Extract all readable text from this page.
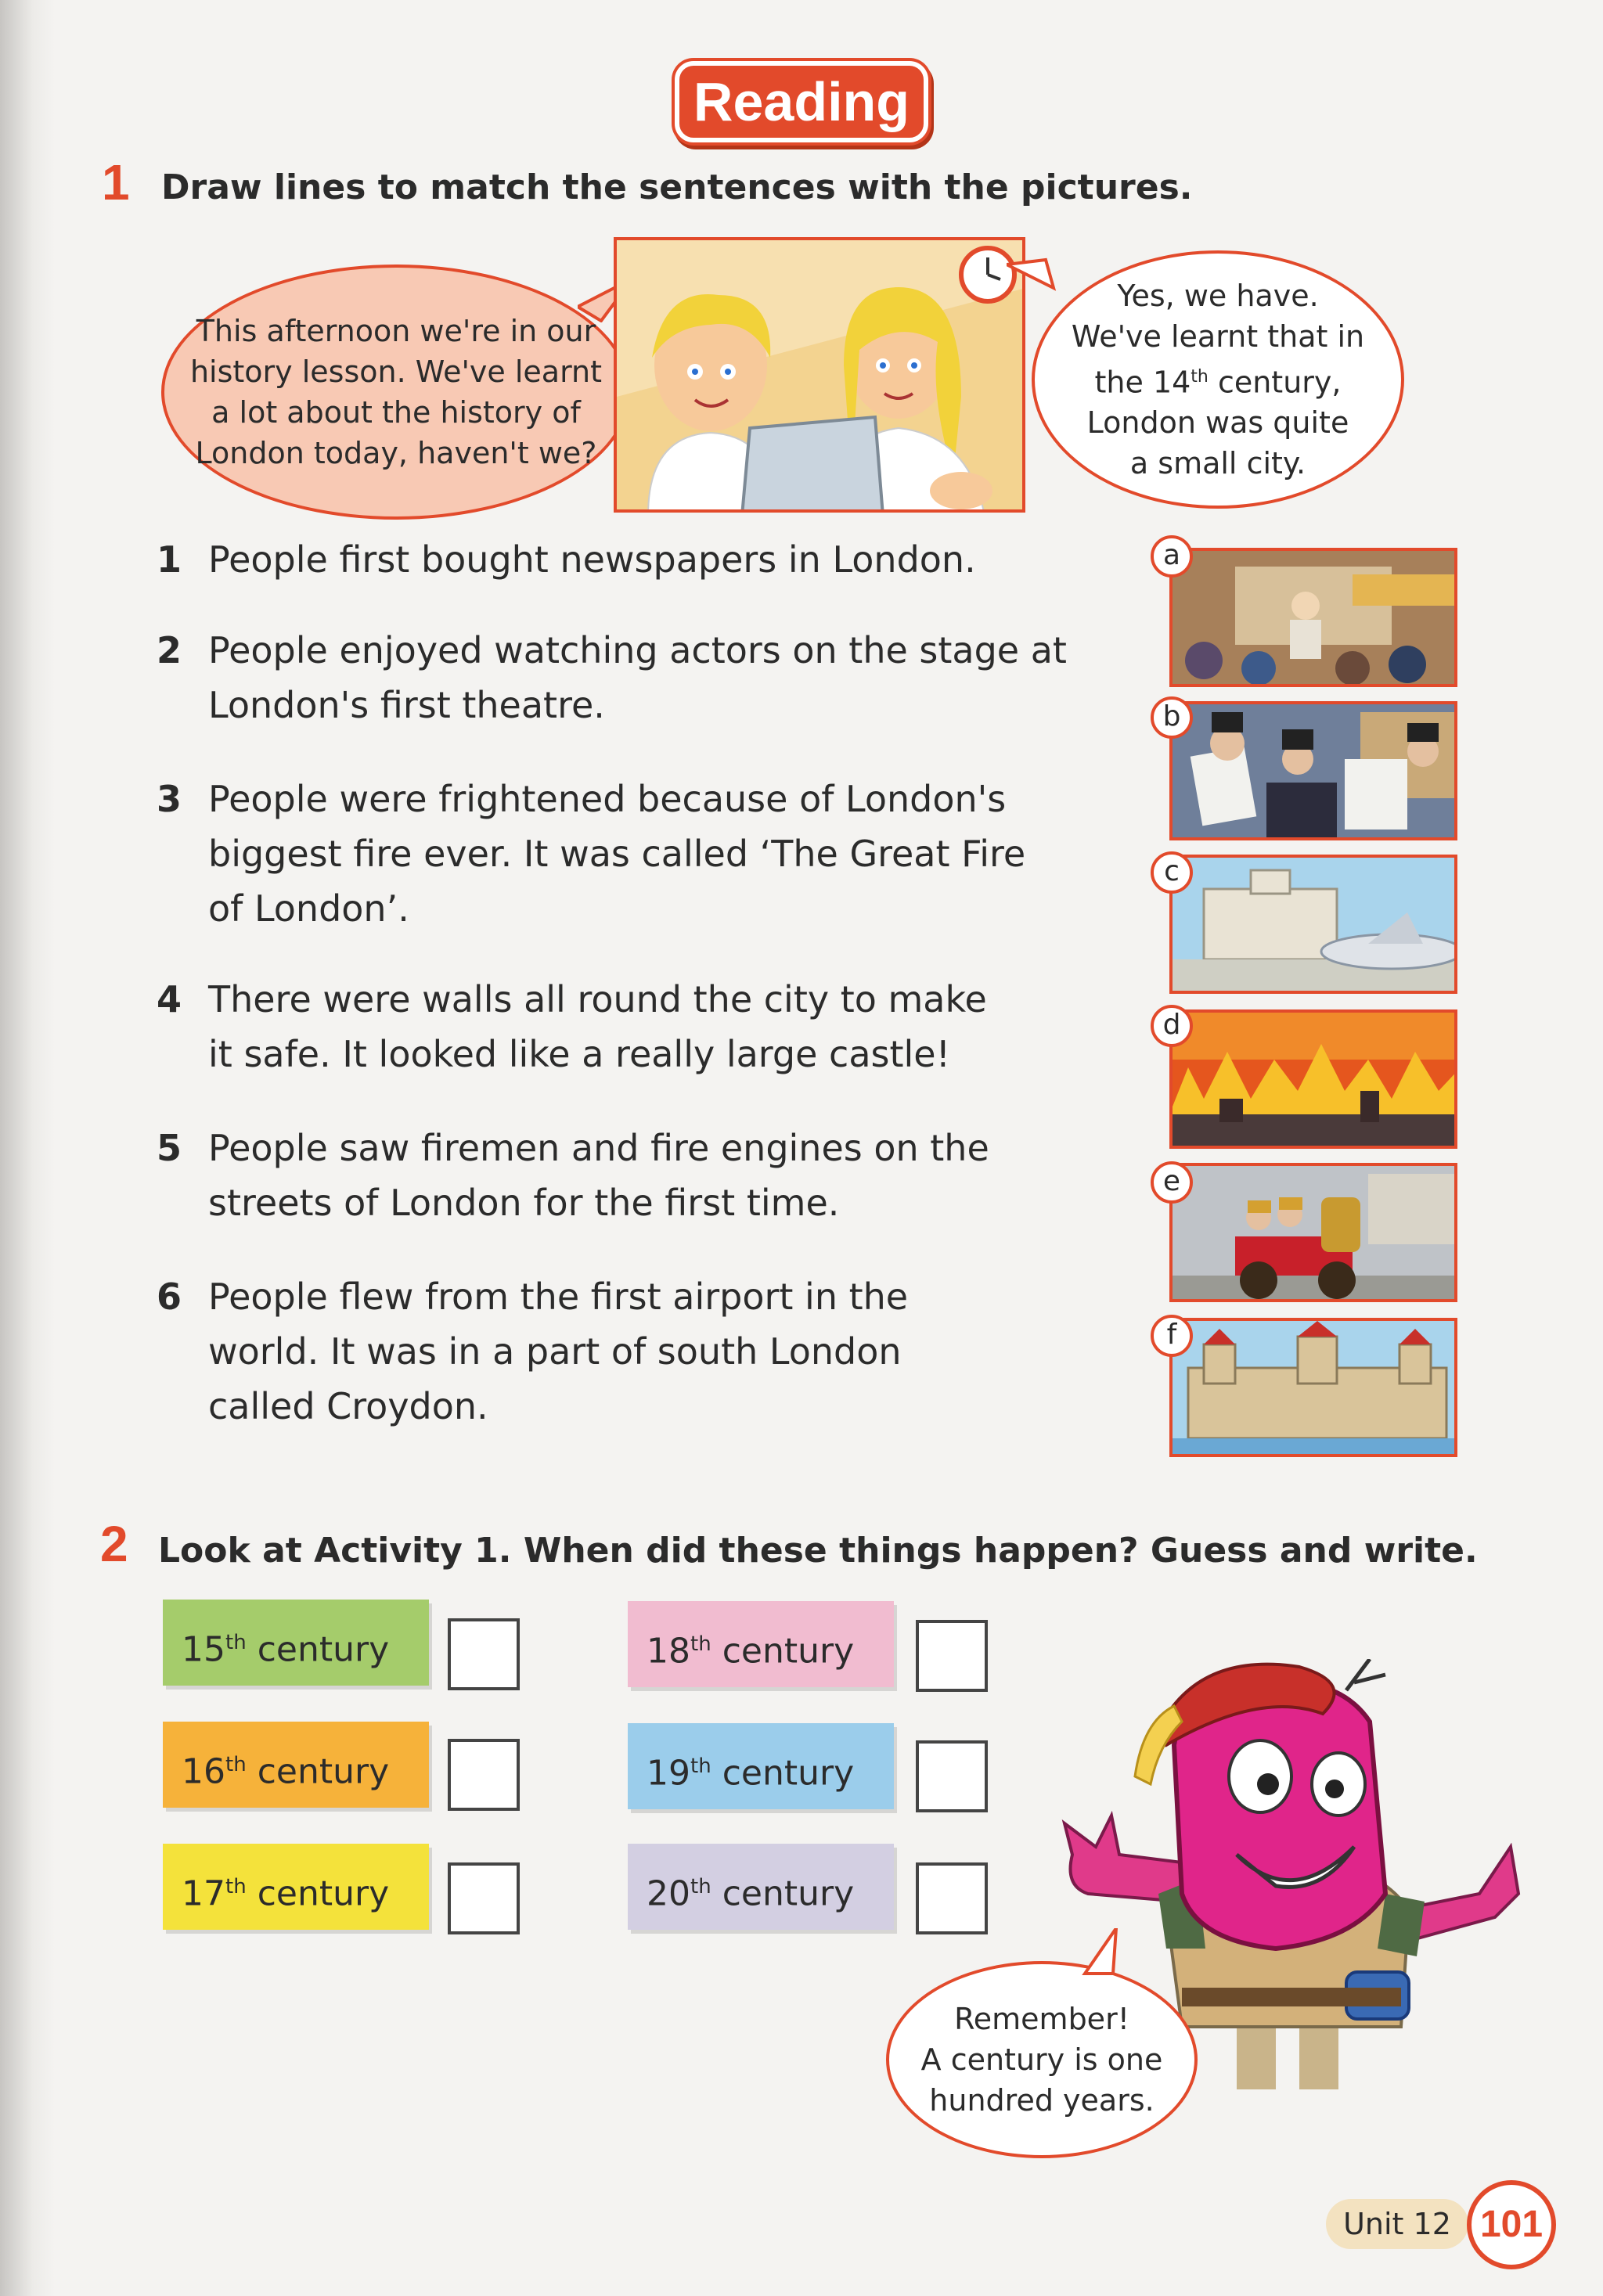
Reading
1 Draw lines to match the sentences with the pictures.
This afternoon we're in our history lesson. We've learnt a lot about the history of London today, haven't we?
Yes, we have.
We've learnt that in
the 14th century,
London was quite
a small city.
1 People first bought newspapers in London.
2 People enjoyed watching actors on the stage at London's first theatre.
3 People were frightened because of London's biggest fire ever. It was called ‘The Great Fire of London’.
4 There were walls all round the city to make it safe. It looked like a really large castle!
5 People saw firemen and fire engines on the streets of London for the first time.
6 People flew from the first airport in the world. It was in a part of south London called Croydon.
a
b
c
d
e
f
2 Look at Activity 1. When did these things happen? Guess and write.
15th century
16th century
17th century
18th century
19th century
20th century
Remember!
A century is one
hundred years.
Unit 12 101
